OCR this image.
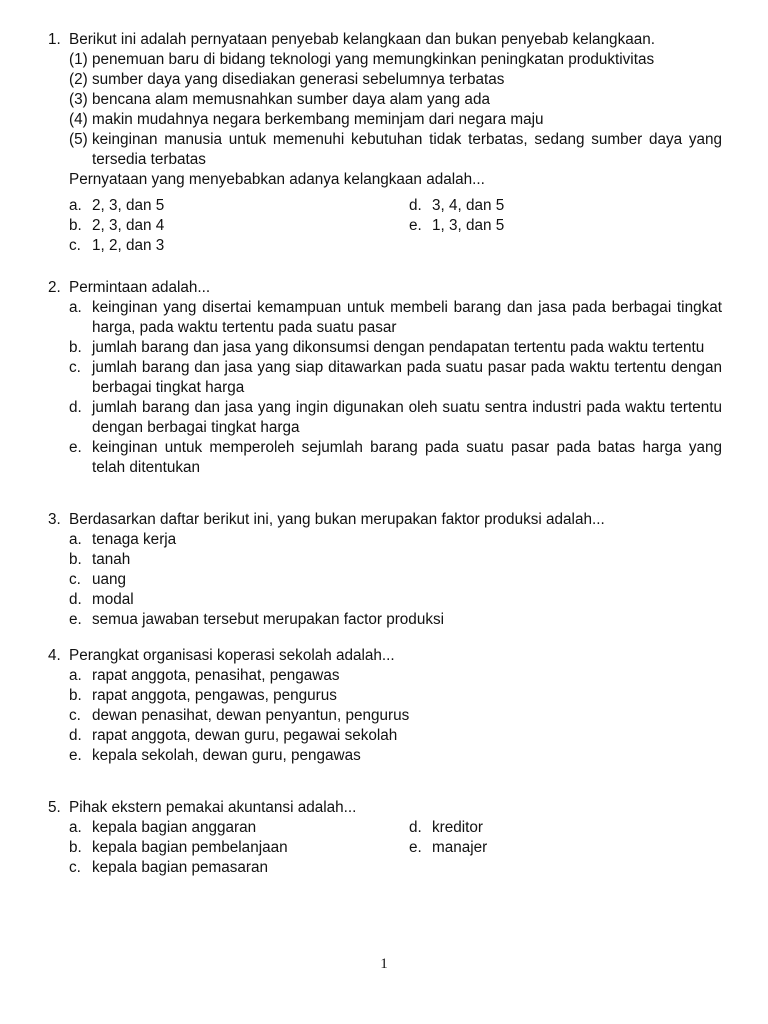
1. Berikut ini adalah pernyataan penyebab kelangkaan dan bukan penyebab kelangkaan.
(1) penemuan baru di bidang teknologi yang memungkinkan peningkatan produktivitas
(2) sumber daya yang disediakan generasi sebelumnya terbatas
(3) bencana alam memusnahkan sumber daya alam yang ada
(4) makin mudahnya negara berkembang meminjam dari negara maju
(5) keinginan manusia untuk memenuhi kebutuhan tidak terbatas, sedang sumber daya yang tersedia terbatas
Pernyataan yang menyebabkan adanya kelangkaan adalah...
a. 2, 3, dan 5	d. 3, 4, dan 5
b. 2, 3, dan 4	e. 1, 3, dan 5
c. 1, 2, dan 3
2. Permintaan adalah...
a. keinginan yang disertai kemampuan untuk membeli barang dan jasa pada berbagai tingkat harga, pada waktu tertentu pada suatu pasar
b. jumlah barang dan jasa yang dikonsumsi dengan pendapatan tertentu pada waktu tertentu
c. jumlah barang dan jasa yang siap ditawarkan pada suatu pasar pada waktu tertentu dengan berbagai tingkat harga
d. jumlah barang dan jasa yang ingin digunakan oleh suatu sentra industri pada waktu tertentu dengan berbagai tingkat harga
e. keinginan untuk memperoleh sejumlah barang pada suatu pasar pada batas harga yang telah ditentukan
3. Berdasarkan daftar berikut ini, yang bukan merupakan faktor produksi adalah...
a. tenaga kerja
b. tanah
c. uang
d. modal
e. semua jawaban tersebut merupakan factor produksi
4. Perangkat organisasi koperasi sekolah adalah...
a. rapat anggota, penasihat, pengawas
b. rapat anggota, pengawas, pengurus
c. dewan penasihat, dewan penyantun, pengurus
d. rapat anggota, dewan guru, pegawai sekolah
e. kepala sekolah, dewan guru, pengawas
5. Pihak ekstern pemakai akuntansi adalah...
a. kepala bagian anggaran	d. kreditor
b. kepala bagian pembelanjaan	e. manajer
c. kepala bagian pemasaran
1
